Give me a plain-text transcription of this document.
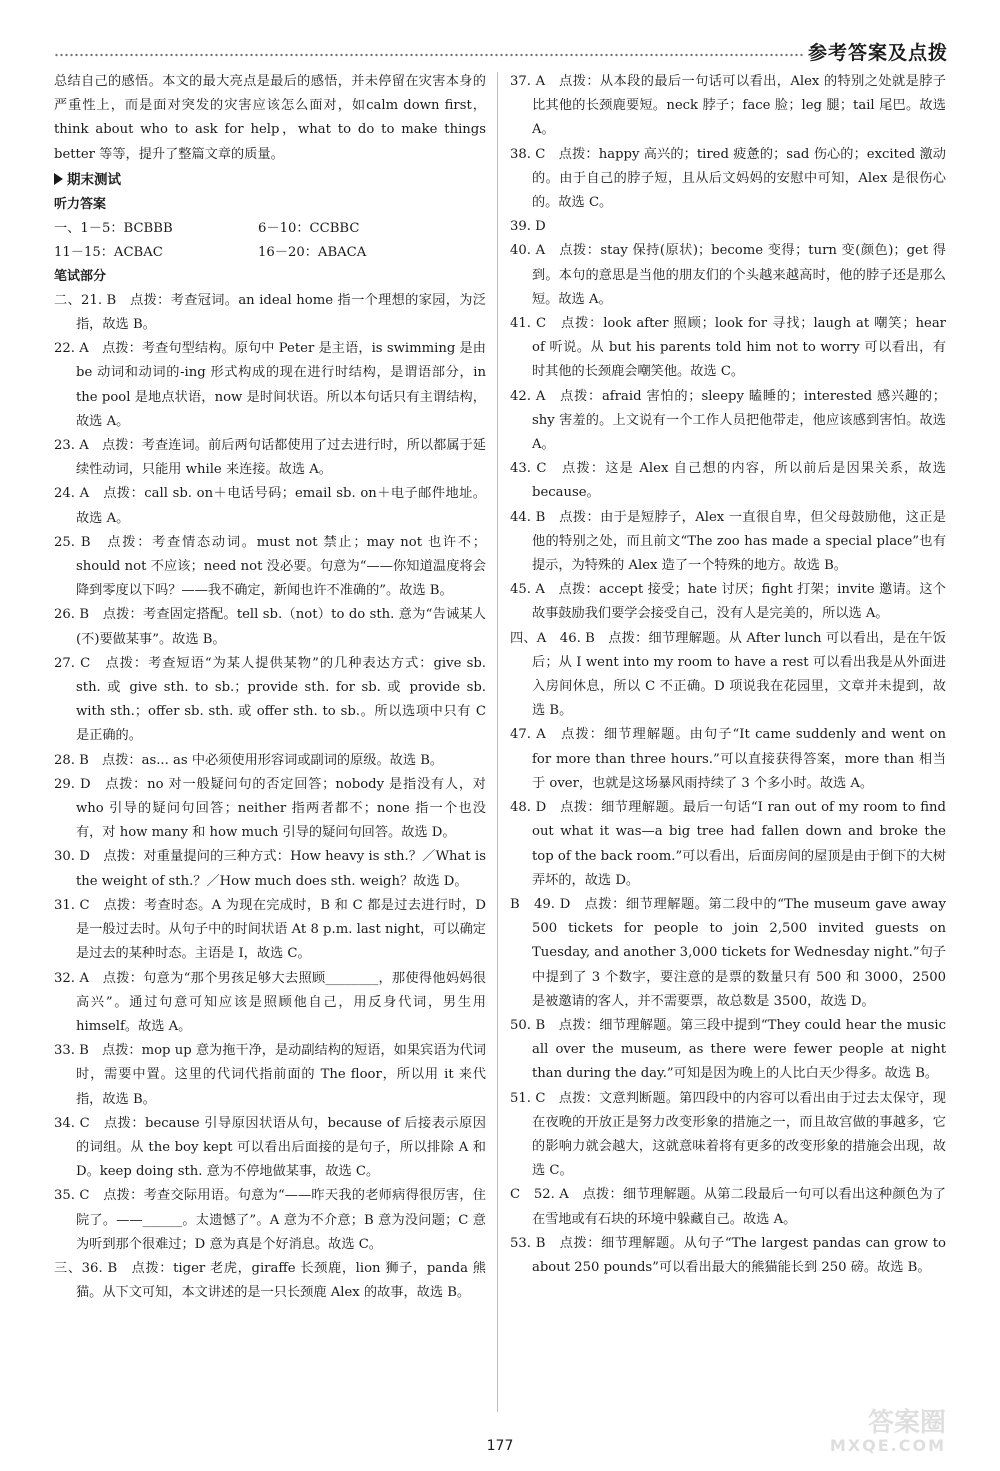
参考答案及点拨

总结自己的感悟。本文的最大亮点是最后的感悟，并未停留在灾害本身的严重性上，而是面对突发的灾害应该怎么面对，如calm down first，think about who to ask for help，what to do to make things better 等等，提升了整篇文章的质量。

期末测试
听力答案
一、1－5：BCBBB	6－10：CCBBC
11－15：ACBAC	16－20：ABACA
笔试部分

二、21. B　点拨：考查冠词。an ideal home 指一个理想的家园，为泛指，故选 B。

22. A　点拨：考查句型结构。原句中 Peter 是主语，is swimming 是由 be 动词和动词的-ing 形式构成的现在进行时结构，是谓语部分，in the pool 是地点状语，now 是时间状语。所以本句话只有主谓结构，故选 A。

23. A　点拨：考查连词。前后两句话都使用了过去进行时，所以都属于延续性动词，只能用 while 来连接。故选 A。

24. A　点拨：call sb. on＋电话号码；email sb. on＋电子邮件地址。故选 A。

25. B　点拨：考查情态动词。must not 禁止；may not 也许不；should not 不应该；need not 没必要。句意为“——你知道温度将会降到零度以下吗？——我不确定，新闻也许不准确的”。故选 B。

26. B　点拨：考查固定搭配。tell sb.（not）to do sth. 意为“告诫某人(不)要做某事”。故选 B。

27. C　点拨：考查短语“为某人提供某物”的几种表达方式：give sb. sth. 或 give sth. to sb.；provide sth. for sb. 或 provide sb. with sth.；offer sb. sth. 或 offer sth. to sb.。所以选项中只有 C 是正确的。

28. B　点拨：as... as 中必须使用形容词或副词的原级。故选 B。

29. D　点拨：no 对一般疑问句的否定回答；nobody 是指没有人，对 who 引导的疑问句回答；neither 指两者都不；none 指一个也没有，对 how many 和 how much 引导的疑问句回答。故选 D。

30. D　点拨：对重量提问的三种方式：How heavy is sth.？／What is the weight of sth.？／How much does sth. weigh？故选 D。

31. C　点拨：考查时态。A 为现在完成时，B 和 C 都是过去进行时，D 是一般过去时。从句子中的时间状语 At 8 p.m. last night，可以确定是过去的某种时态。主语是 I，故选 C。

32. A　点拨：句意为“那个男孩足够大去照顾________，那使得他妈妈很高兴”。通过句意可知应该是照顾他自己，用反身代词，男生用 himself。故选 A。

33. B　点拨：mop up 意为拖干净，是动副结构的短语，如果宾语为代词时，需要中置。这里的代词代指前面的 The floor，所以用 it 来代指，故选 B。

34. C　点拨：because 引导原因状语从句，because of 后接表示原因的词组。从 the boy kept 可以看出后面接的是句子，所以排除 A 和 D。keep doing sth. 意为不停地做某事，故选 C。

35. C　点拨：考查交际用语。句意为“——昨天我的老师病得很厉害，住院了。——______。太遗憾了”。A 意为不介意；B 意为没问题；C 意为听到那个很难过；D 意为真是个好消息。故选 C。

三、36. B　点拨：tiger 老虎，giraffe 长颈鹿，lion 狮子，panda 熊猫。从下文可知，本文讲述的是一只长颈鹿 Alex 的故事，故选 B。

37. A　点拨：从本段的最后一句话可以看出，Alex 的特别之处就是脖子比其他的长颈鹿要短。neck 脖子；face 脸；leg 腿；tail 尾巴。故选 A。

38. C　点拨：happy 高兴的；tired 疲惫的；sad 伤心的；excited 激动的。由于自己的脖子短，且从后文妈妈的安慰中可知，Alex 是很伤心的。故选 C。

39. D

40. A　点拨：stay 保持(原状)；become 变得；turn 变(颜色)；get 得到。本句的意思是当他的朋友们的个头越来越高时，他的脖子还是那么短。故选 A。

41. C　点拨：look after 照顾；look for 寻找；laugh at 嘲笑；hear of 听说。从 but his parents told him not to worry 可以看出，有时其他的长颈鹿会嘲笑他。故选 C。

42. A　点拨：afraid 害怕的；sleepy 瞌睡的；interested 感兴趣的；shy 害羞的。上文说有一个工作人员把他带走，他应该感到害怕。故选 A。

43. C　点拨：这是 Alex 自己想的内容，所以前后是因果关系，故选 because。

44. B　点拨：由于是短脖子，Alex 一直很自卑，但父母鼓励他，这正是他的特别之处，而且前文“The zoo has made a special place”也有提示，为特殊的 Alex 造了一个特殊的地方。故选 B。

45. A　点拨：accept 接受；hate 讨厌；fight 打架；invite 邀请。这个故事鼓励我们要学会接受自己，没有人是完美的，所以选 A。

四、A　46. B　点拨：细节理解题。从 After lunch 可以看出，是在午饭后；从 I went into my room to have a rest 可以看出我是从外面进入房间休息，所以 C 不正确。D 项说我在花园里，文章并未提到，故选 B。

47. A　点拨：细节理解题。由句子“It came suddenly and went on for more than three hours.”可以直接获得答案，more than 相当于 over，也就是这场暴风雨持续了 3 个多小时。故选 A。

48. D　点拨：细节理解题。最后一句话“I ran out of my room to find out what it was—a big tree had fallen down and broke the top of the back room.”可以看出，后面房间的屋顶是由于倒下的大树弄坏的，故选 D。

B　49. D　点拨：细节理解题。第二段中的“The museum gave away 500 tickets for people to join 2,500 invited guests on Tuesday, and another 3,000 tickets for Wednesday night.”句子中提到了 3 个数字，要注意的是票的数量只有 500 和 3000，2500 是被邀请的客人，并不需要票，故总数是 3500，故选 D。

50. B　点拨：细节理解题。第三段中提到“They could hear the music all over the museum, as there were fewer people at night than during the day.”可知是因为晚上的人比白天少得多。故选 B。

51. C　点拨：文意判断题。第四段中的内容可以看出由于过去太保守，现在夜晚的开放正是努力改变形象的措施之一，而且故宫做的事越多，它的影响力就会越大，这就意味着将有更多的改变形象的措施会出现，故选 C。

C　52. A　点拨：细节理解题。从第二段最后一句可以看出这种颜色为了在雪地或有石块的环境中躲藏自己。故选 A。

53. B　点拨：细节理解题。从句子“The largest pandas can grow to about 250 pounds”可以看出最大的熊猫能长到 250 磅。故选 B。

177
答案圈
MXQE.COM
